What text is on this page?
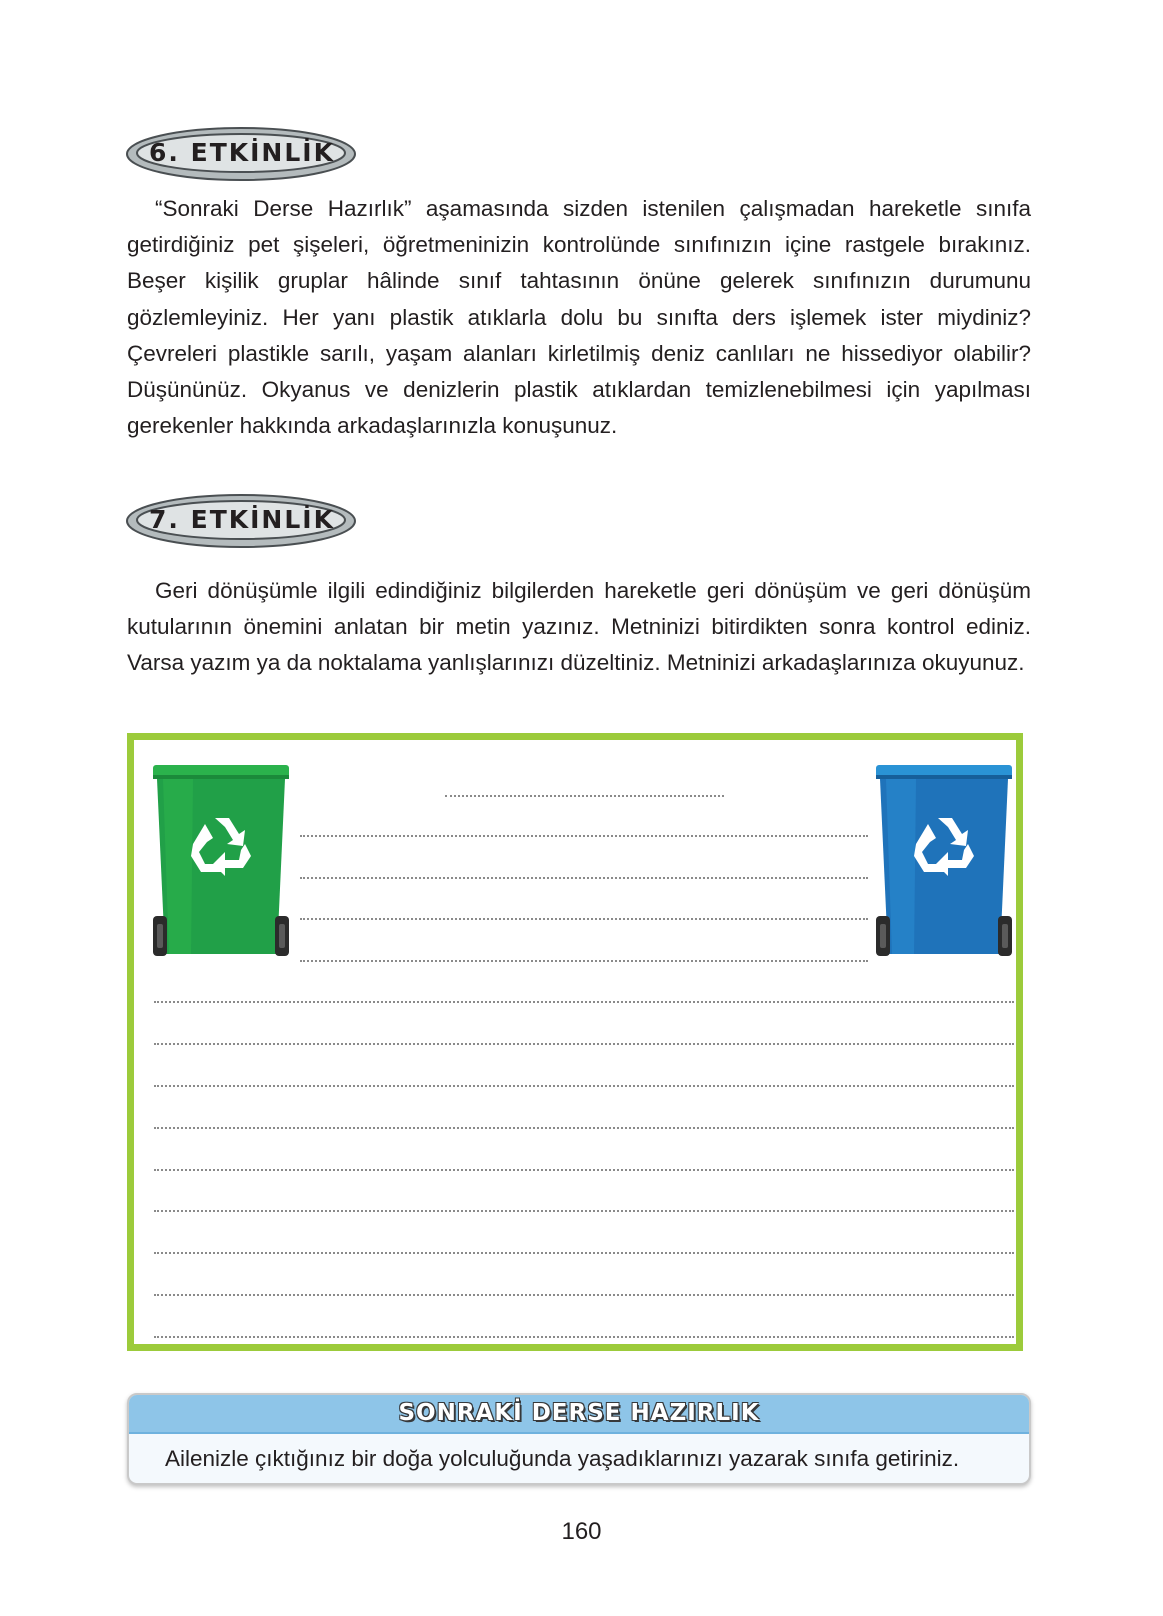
6. ETKİNLİK

“Sonraki Derse Hazırlık” aşamasında sizden istenilen çalışmadan hareketle sınıfa getirdiğiniz pet şişeleri, öğretmeninizin kontrolünde sınıfınızın içine rastgele bırakınız. Beşer kişilik gruplar hâlinde sınıf tahtasının önüne gelerek sınıfınızın durumunu gözlemleyiniz. Her yanı plastik atıklarla dolu bu sınıfta ders işlemek ister miydiniz? Çevreleri plastikle sarılı, yaşam alanları kirletilmiş deniz canlıları ne hissediyor olabilir? Düşününüz. Okyanus ve denizlerin plastik atıklardan temizlenebilmesi için yapılması gerekenler hakkında arkadaşlarınızla konuşunuz.

7. ETKİNLİK

Geri dönüşümle ilgili edindiğiniz bilgilerden hareketle geri dönüşüm ve geri dönüşüm kutularının önemini anlatan bir metin yazınız. Metninizi bitirdikten sonra kontrol ediniz. Varsa yazım ya da noktalama yanlışlarınızı düzeltiniz. Metninizi arkadaşlarınıza okuyunuz.

SONRAKİ DERSE HAZIRLIK
Ailenizle çıktığınız bir doğa yolculuğunda yaşadıklarınızı yazarak sınıfa getiriniz.
160
